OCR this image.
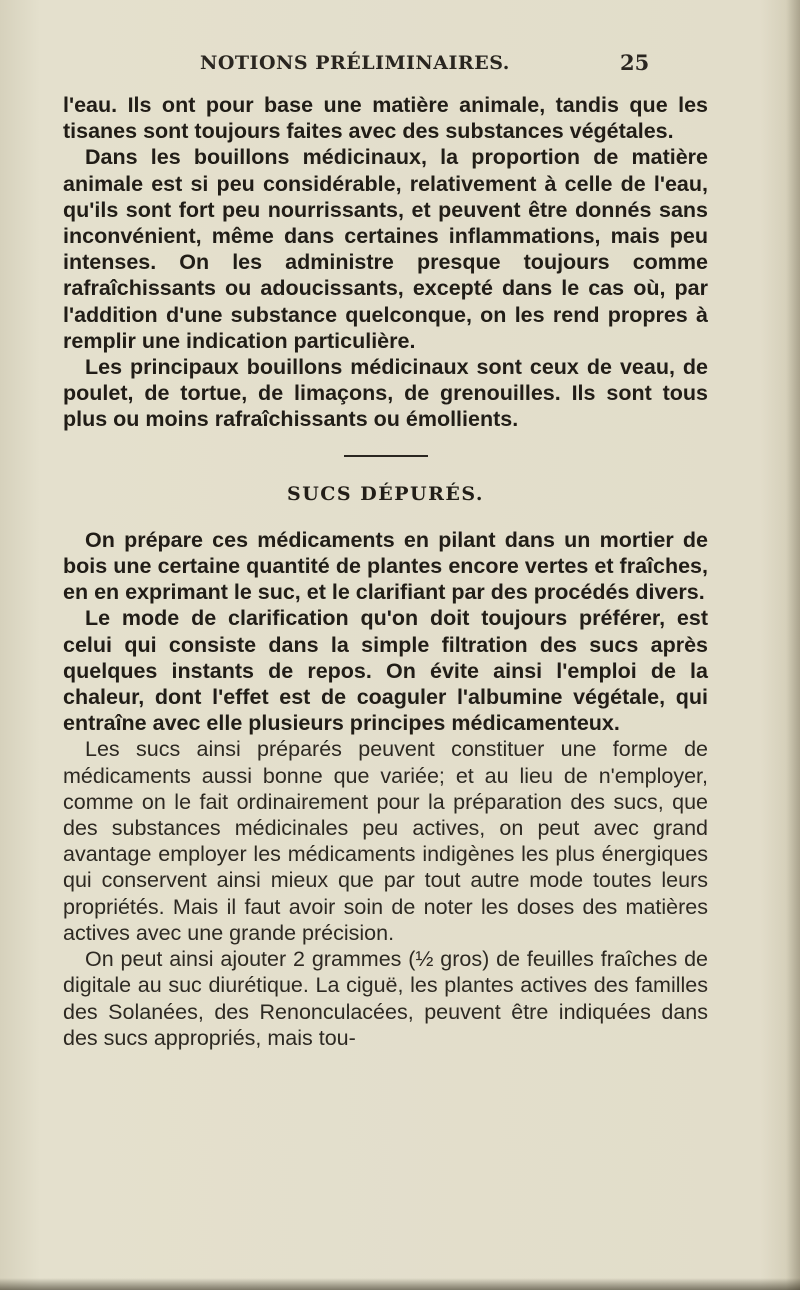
NOTIONS PRÉLIMINAIRES.	25

l'eau. Ils ont pour base une matière animale, tandis que les tisanes sont toujours faites avec des substances végétales.

Dans les bouillons médicinaux, la proportion de matière animale est si peu considérable, relativement à celle de l'eau, qu'ils sont fort peu nourrissants, et peuvent être donnés sans inconvénient, même dans certaines inflammations, mais peu intenses. On les administre presque toujours comme rafraîchissants ou adoucissants, excepté dans le cas où, par l'addition d'une substance quelconque, on les rend propres à remplir une indication particulière.

Les principaux bouillons médicinaux sont ceux de veau, de poulet, de tortue, de limaçons, de grenouilles. Ils sont tous plus ou moins rafraîchissants ou émollients.

SUCS DÉPURÉS.

On prépare ces médicaments en pilant dans un mortier de bois une certaine quantité de plantes encore vertes et fraîches, en en exprimant le suc, et le clarifiant par des procédés divers.

Le mode de clarification qu'on doit toujours préférer, est celui qui consiste dans la simple filtration des sucs après quelques instants de repos. On évite ainsi l'emploi de la chaleur, dont l'effet est de coaguler l'albumine végétale, qui entraîne avec elle plusieurs principes médicamenteux.

Les sucs ainsi préparés peuvent constituer une forme de médicaments aussi bonne que variée; et au lieu de n'employer, comme on le fait ordinairement pour la préparation des sucs, que des substances médicinales peu actives, on peut avec grand avantage employer les médicaments indigènes les plus énergiques qui conservent ainsi mieux que par tout autre mode toutes leurs propriétés. Mais il faut avoir soin de noter les doses des matières actives avec une grande précision.

On peut ainsi ajouter 2 grammes (½ gros) de feuilles fraîches de digitale au suc diurétique. La ciguë, les plantes actives des familles des Solanées, des Renonculacées, peuvent être indiquées dans des sucs appropriés, mais tou-
